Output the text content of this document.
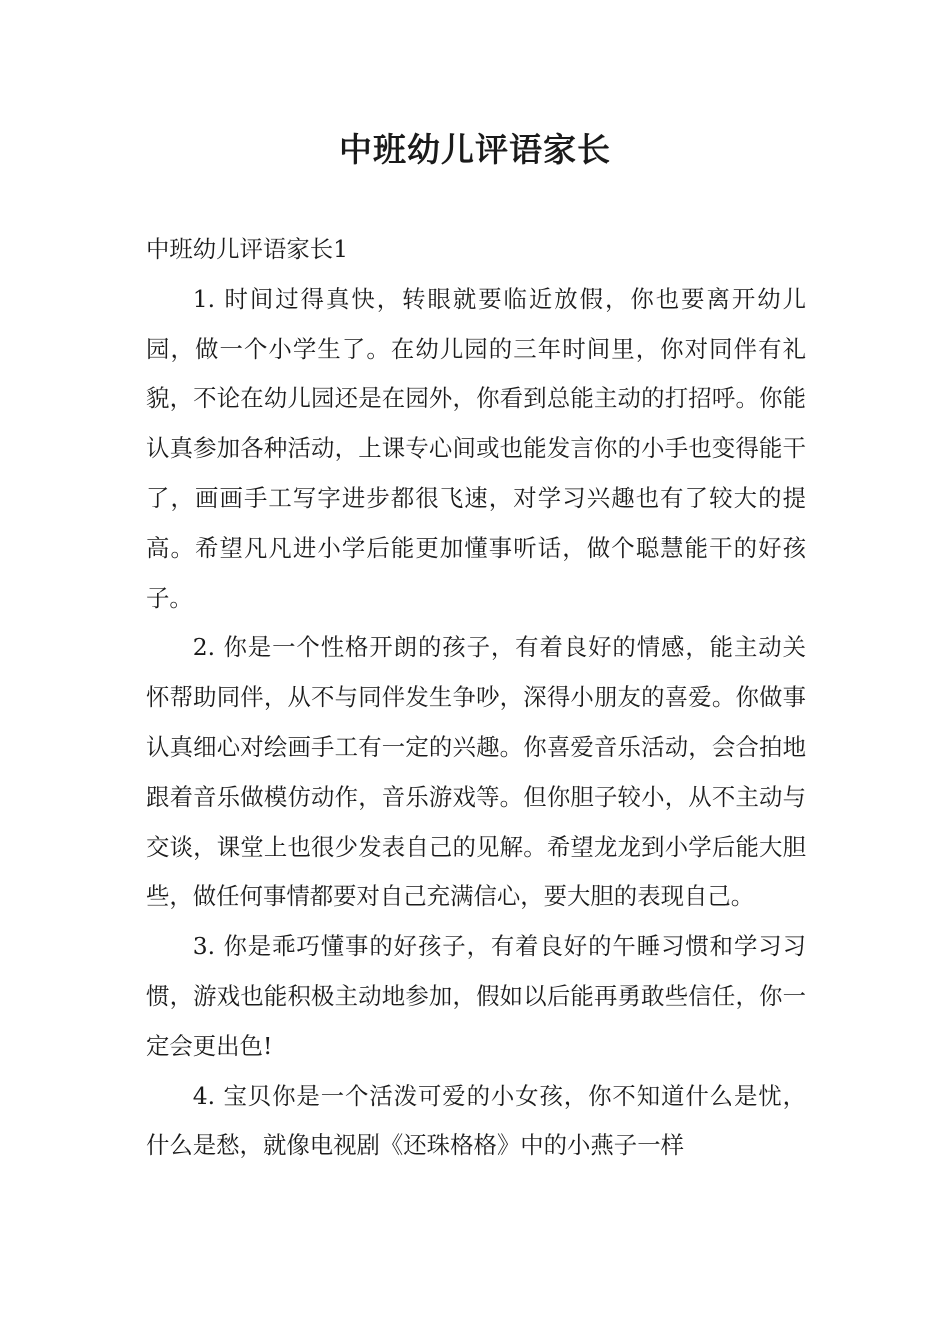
中班幼儿评语家长
中班幼儿评语家长1

1. 时间过得真快，转眼就要临近放假，你也要离开幼儿园，做一个小学生了。在幼儿园的三年时间里，你对同伴有礼貌，不论在幼儿园还是在园外，你看到总能主动的打招呼。你能认真参加各种活动，上课专心间或也能发言你的小手也变得能干了，画画手工写字进步都很飞速，对学习兴趣也有了较大的提高。希望凡凡进小学后能更加懂事听话，做个聪慧能干的好孩子。

2. 你是一个性格开朗的孩子，有着良好的情感，能主动关怀帮助同伴，从不与同伴发生争吵，深得小朋友的喜爱。你做事认真细心对绘画手工有一定的兴趣。你喜爱音乐活动，会合拍地跟着音乐做模仿动作，音乐游戏等。但你胆子较小，从不主动与交谈，课堂上也很少发表自己的见解。希望龙龙到小学后能大胆些，做任何事情都要对自己充满信心，要大胆的表现自己。

3. 你是乖巧懂事的好孩子，有着良好的午睡习惯和学习习惯，游戏也能积极主动地参加，假如以后能再勇敢些信任，你一定会更出色!

4. 宝贝你是一个活泼可爱的小女孩，你不知道什么是忧，什么是愁，就像电视剧《还珠格格》中的小燕子一样
